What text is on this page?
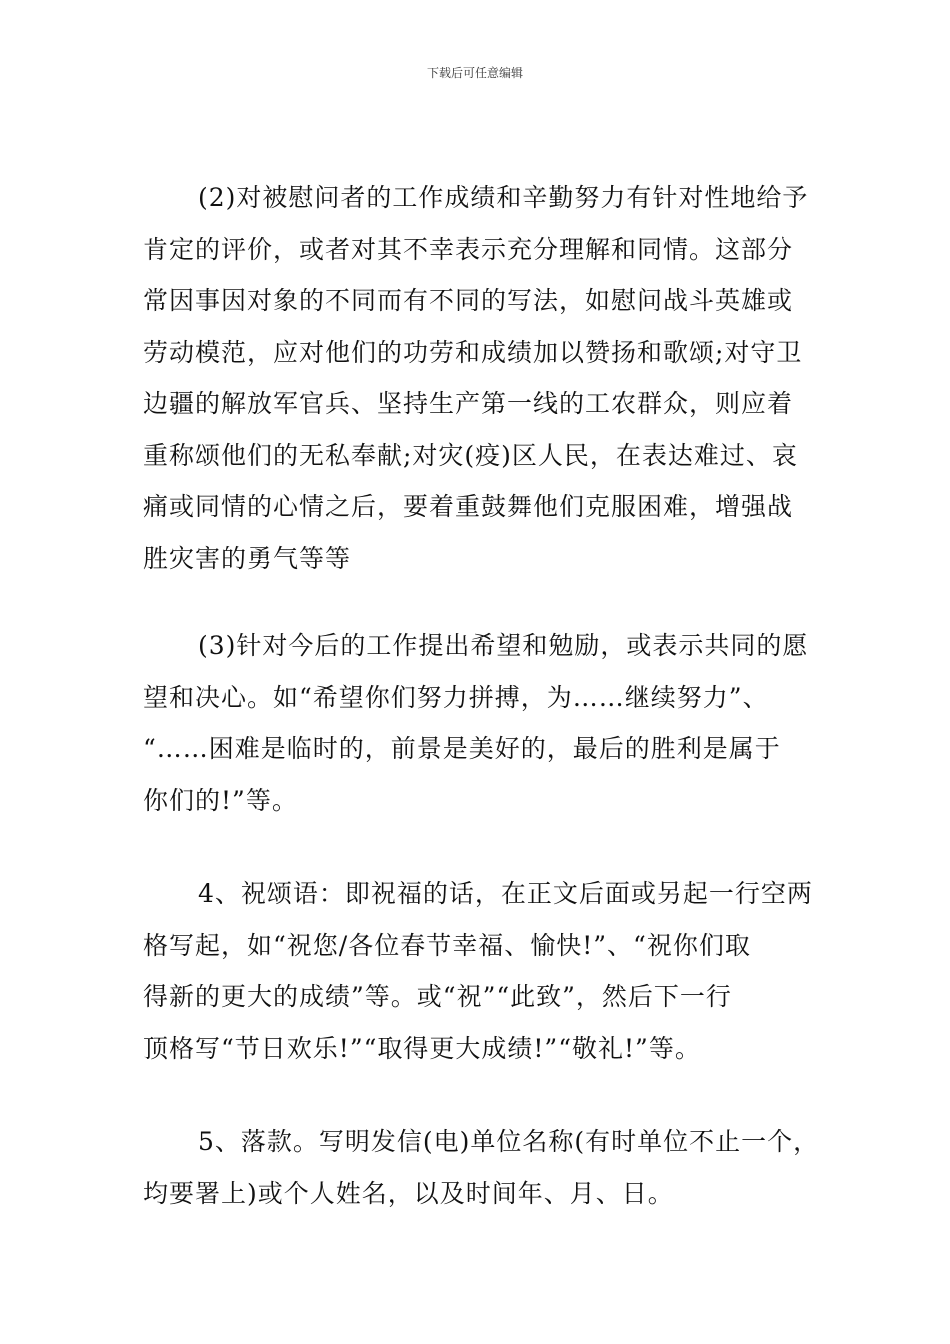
下载后可任意编辑
(2)对被慰问者的工作成绩和辛勤努力有针对性地给予
肯定的评价，或者对其不幸表示充分理解和同情。这部分
常因事因对象的不同而有不同的写法，如慰问战斗英雄或
劳动模范，应对他们的功劳和成绩加以赞扬和歌颂;对守卫
边疆的解放军官兵、坚持生产第一线的工农群众，则应着
重称颂他们的无私奉献;对灾(疫)区人民，在表达难过、哀
痛或同情的心情之后，要着重鼓舞他们克服困难，增强战
胜灾害的勇气等等
(3)针对今后的工作提出希望和勉励，或表示共同的愿
望和决心。如“希望你们努力拼搏，为……继续努力”、
“……困难是临时的，前景是美好的，最后的胜利是属于
你们的!”等。
4、祝颂语：即祝福的话，在正文后面或另起一行空两
格写起，如“祝您/各位春节幸福、愉快!”、“祝你们取
得新的更大的成绩”等。或“祝”“此致”，然后下一行
顶格写“节日欢乐!”“取得更大成绩!”“敬礼!”等。
5、落款。写明发信(电)单位名称(有时单位不止一个，
均要署上)或个人姓名，以及时间年、月、日。
